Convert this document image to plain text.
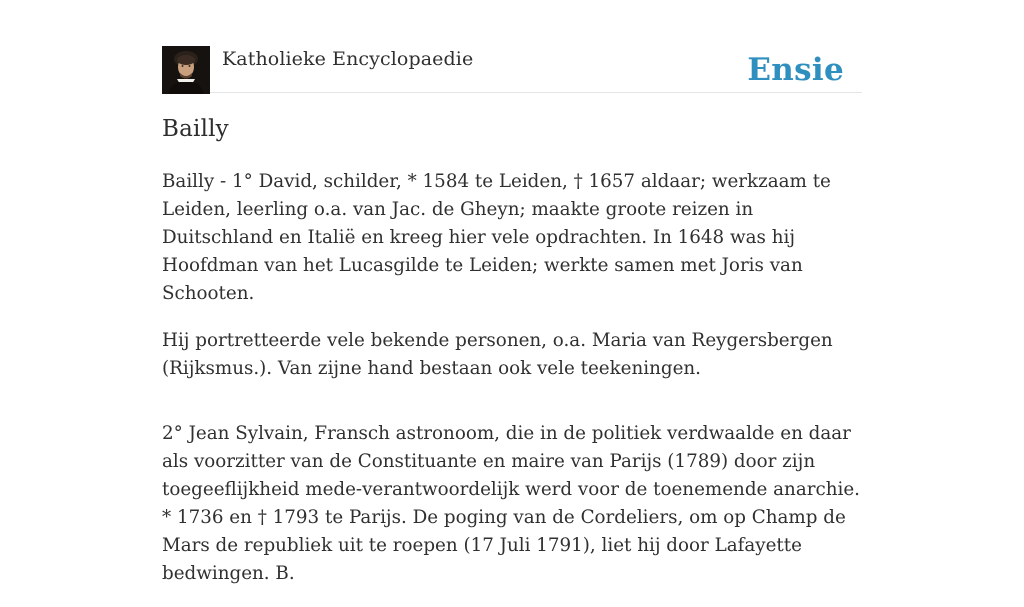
Katholieke Encyclopaedie	Ensie
Bailly

Bailly - 1° David, schilder, * 1584 te Leiden, † 1657 aldaar; werkzaam te Leiden, leerling o.a. van Jac. de Gheyn; maakte groote reizen in Duitschland en Italië en kreeg hier vele opdrachten. In 1648 was hij Hoofdman van het Lucasgilde te Leiden; werkte samen met Joris van Schooten.

Hij portretteerde vele bekende personen, o.a. Maria van Reygersbergen (Rijksmus.). Van zijne hand bestaan ook vele teekeningen.

2° Jean Sylvain, Fransch astronoom, die in de politiek verdwaalde en daar als voorzitter van de Constituante en maire van Parijs (1789) door zijn toegeeflijkheid mede-verantwoordelijk werd voor de toenemende anarchie. * 1736 en † 1793 te Parijs. De poging van de Cordeliers, om op Champ de Mars de republiek uit te roepen (17 Juli 1791), liet hij door Lafayette bedwingen. B.
